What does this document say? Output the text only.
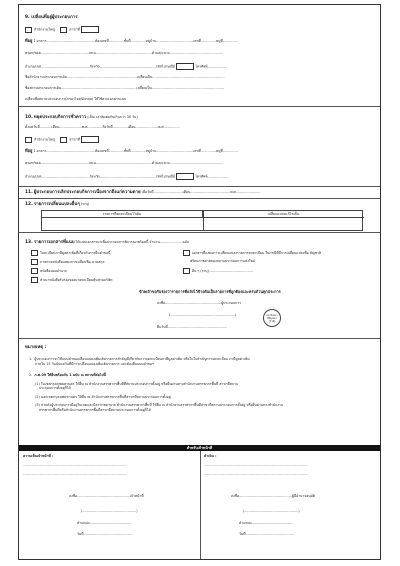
9. เปลี่ยนที่อยู่ผู้ประกอบการ
สำนักงานใหญ่	สาขาที่
ที่อยู่ : อาคาร.............................................ห้องเลขที่..............ชั้นที่..............หมู่บ้าน..................................เลขที่..............หมู่ที่..............
ตรอก/ซอย.............................................ถนน....................................................ตำบล/แขวง..................................................
อำเภอ/เขต.............................................จังหวัด....................................................รหัสไปรษณีย์	โทรศัพท์..................
ชื่อสำนักงานประกอบการเดิม.................................................................เปลี่ยนเป็น...................................................................
ชื่อสถานประกอบการเดิม......................................................................เปลี่ยนเป็น...................................................................
เปลี่ยนชื่อสถานประกอบการ(ภาษาไทย/อังกฤษ) ให้ใช้ตามเอกสารแนบ
10. หยุดประกอบกิจการชั่วคราว (เป็นเวลาติดต่อกันเกินกว่า 30 วัน)
ตั้งแต่วันที่...........เดือน.....................พ.ศ..............ถึงวันที่..............เดือน.....................พ.ศ...............
สำนักงานใหญ่	สาขาที่
ที่อยู่ : อาคาร.............................................ห้องเลขที่..............ชั้นที่..............หมู่บ้าน..................................เลขที่..............หมู่ที่..............
ตรอก/ซอย.............................................ถนน....................................................ตำบล/แขวง..................................................
อำเภอ/เขต.............................................จังหวัด....................................................รหัสไปรษณีย์	โทรศัพท์...................
11. ผู้ประกอบการเลิกประกอบกิจการเนื่องจากถึงแก่ความตาย เมื่อวันที่...........................เดือน.....................................พ.ศ.......................
12. รายการเปลี่ยนแปลงอื่นๆ (ระบุ)
รายการที่จดทะเบียนไว้เดิม	เปลี่ยนแปลงแก้ไขเป็น
13. รายการเอกสารที่แนบ ได้แนบเอกสารมาเพื่อประกอบการพิจารณาพร้อมนี้ จำนวน.....................ฉบับ
ใบทะเบียนภาษีมูลค่าเพิ่มที่เกี่ยวกับการยื่นคำขอนี้	เอกสารที่แสดงการเปลี่ยนแปลงรายการจดทะเบียน ในกรณีที่มีการเปลี่ยนแปลงชื่อ สัญชาติ
ภาพถ่ายหนังสือแสดงการเปลี่ยนชื่อ-นามสกุล	พร้อมภาพถ่ายของสถานประกอบการแห่งใหม่
หนังสือมอบอำนาจ	อื่น ๆ (ระบุ).........................................
สำเนาหนังสือรับรองของนายทะเบียนหุ้นส่วนบริษัท
ข้าพเจ้าขอรับรองว่ารายการที่แจ้งไว้ข้างต้นเป็นรายการที่ถูกต้องและครบถ้วนทุกประการ
ลงชื่อ....................................................ผู้ประกอบการ
(............................................................)
ยื่นวันที่.......................................................
ประทับตรา
นิติบุคคล
(ถ้ามี)
หมายเหตุ :
1. ผู้ประกอบการจะใช้แบบคำขอเปลี่ยนแปลงเพิ่มเติมรายการสำคัญที่เกี่ยวกับการจดทะเบียนภาษีมูลค่าเพิ่ม หรือในใบสำคัญการจดทะเบียน ภาษีมูลค่าเพิ่ม
ภายใน 15 วันนับแต่วันที่มีการเปลี่ยนแปลงเพิ่มเติมรายการ และต้องยื่นแบบคำขอฯ
2. ภ.พ.09 ให้ยื่นพร้อมกับ 1 ฉบับ ณ สถานที่ต่อไปนี้
(1) ในเขตกรุงเทพมหานคร ให้ยื่น ณ สำนักงานสรรพากรพื้นที่ที่สถานประกอบการตั้งอยู่ หรือยื่นผ่านทางสำนักงานสรรพากรพื้นที่ สาขาที่สถาน
ประกอบการตั้งอยู่ก็ได้
(2) นอกเขตกรุงเทพมหานคร ให้ยื่น ณ สำนักงานสรรพากรพื้นที่สาขาที่สถานประกอบการตั้งอยู่
(3) ส่วนหัวผู้ประกอบการมีอยู่ในเขตและมีสาขาพยาบาล สำนักงานสรรพากรพื้นที่ ให้ยื่น ณ สำนักงานสรรพากรพื้นที่สาขาที่สถานประกอบการตั้งอยู่ หรือยื่นผ่านทางสำนักงาน
สรรพากรพื้นที่หรือสำนักงานสรรพากรพื้นที่สาขาที่สถานประกอบการตั้งอยู่ก็ได้
สำหรับเจ้าหน้าที่
ความเห็นเจ้าหน้าที่ :
......................................................................................................................
......................................................................................................................
ลงชื่อ.................................................เจ้าหน้าที่
(..................................................)
ตำแหน่ง.......................................
วันที่.............................................
ดำเนิน :
......................................................................................................................
......................................................................................................................
ลงชื่อ.................................................ผู้มีอำนาจอนุมัติ
(..................................................)
ตำแหน่ง.......................................
วันที่.............................................
